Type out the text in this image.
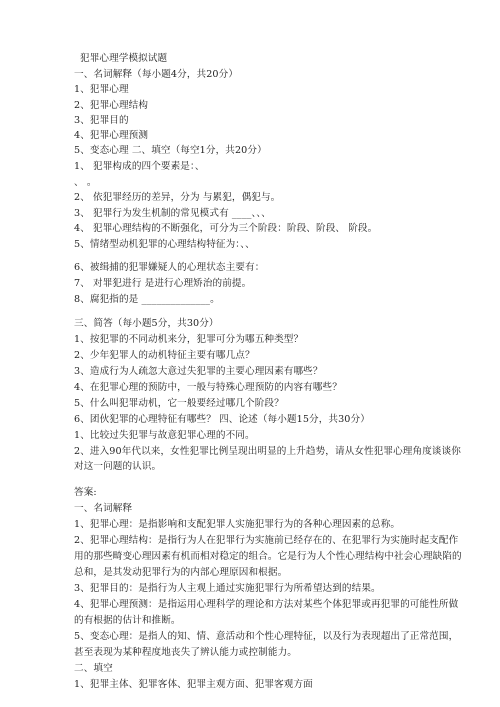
犯罪心理学模拟试题
一、名词解释（每小题4分，共20分）
1、犯罪心理
2、犯罪心理结构
3、犯罪目的
4、犯罪心理预测
5、变态心理 二、填空（每空1分，共20分）
1、 犯罪构成的四个要素是：、
、 。
2、 依犯罪经历的差异，分为 与累犯，偶犯与。
3、 犯罪行为发生机制的常见模式有 ____、、、
4、 犯罪心理结构的不断强化，可分为三个阶段：阶段、阶段、 阶段。
5、情绪型动机犯罪的心理结构特征为：、、
6、被缉捕的犯罪嫌疑人的心理状态主要有：
7、 对罪犯进行 是进行心理矫治的前提。
8、腐犯指的是 ______________。
三、简答（每小题5分，共30分）
1、按犯罪的不同动机来分，犯罪可分为哪五种类型？
2、少年犯罪人的动机特征主要有哪几点？
3、造成行为人疏忽大意过失犯罪的主要心理因素有哪些？
4、在犯罪心理的预防中，一般与特殊心理预防的内容有哪些？
5、什么叫犯罪动机，它一般要经过哪几个阶段？
6、团伙犯罪的心理特征有哪些？ 四、论述（每小题15分，共30分）
1、比较过失犯罪与故意犯罪心理的不同。
2、进入90年代以来，女性犯罪比例呈现出明显的上升趋势，请从女性犯罪心理角度谈谈你
对这一问题的认识。
答案:
一、名词解释
1、犯罪心理：是指影响和支配犯罪人实施犯罪行为的各种心理因素的总称。
2、犯罪心理结构：是指行为人在犯罪行为实施前已经存在的、在犯罪行为实施时起支配作
用的那些畸变心理因素有机而相对稳定的组合。它是行为人个性心理结构中社会心理缺陷的
总和，是其发动犯罪行为的内部心理原因和根据。
3、犯罪目的：是指行为人主观上通过实施犯罪行为所希望达到的结果。
4、犯罪心理预测：是指运用心理科学的理论和方法对某些个体犯罪或再犯罪的可能性所做
的有根据的估计和推断。
5、变态心理：是指人的知、情、意活动和个性心理特征，以及行为表现超出了正常范围，
甚至表现为某种程度地丧失了辨认能力或控制能力。
二、填空
1、犯罪主体、犯罪客体、犯罪主观方面、犯罪客观方面
